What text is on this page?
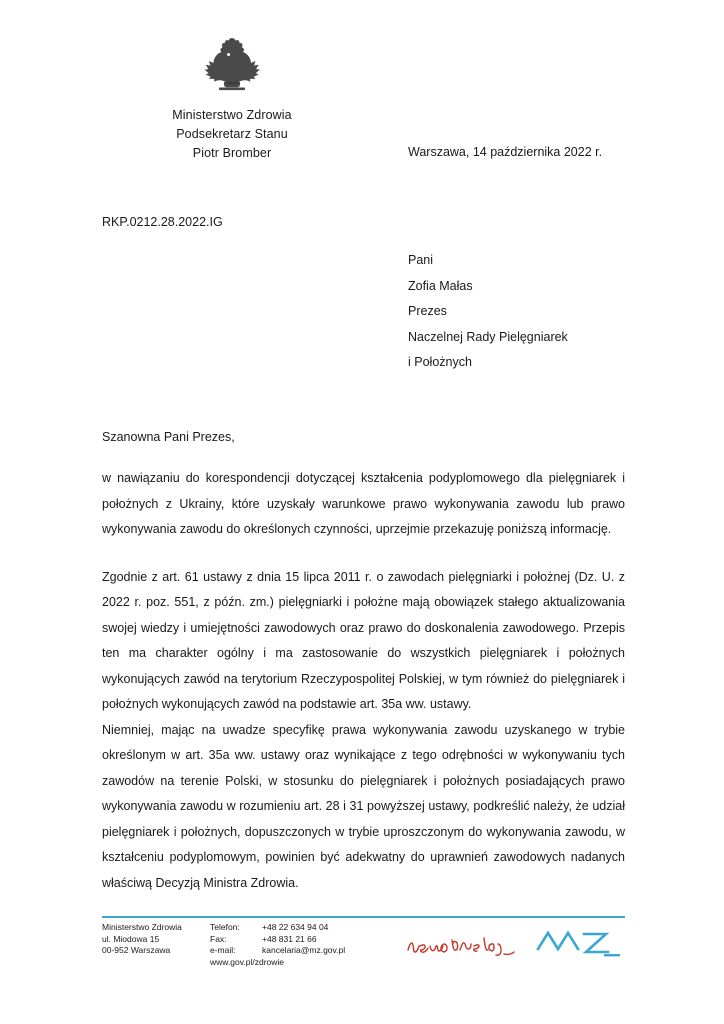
Ministerstwo Zdrowia
Podsekretarz Stanu
Piotr Bromber	Warszawa, 14 października 2022 r.
RKP.0212.28.2022.IG
Pani
Zofia Małas
Prezes
Naczelnej Rady Pielęgniarek
i Położnych
Szanowna Pani Prezes,

w nawiązaniu do korespondencji dotyczącej kształcenia podyplomowego dla pielęgniarek i położnych z Ukrainy, które uzyskały warunkowe prawo wykonywania zawodu lub prawo wykonywania zawodu do określonych czynności, uprzejmie przekazuję poniższą informację.

Zgodnie z art. 61 ustawy z dnia 15 lipca 2011 r. o zawodach pielęgniarki i położnej (Dz. U. z 2022 r. poz. 551, z późn. zm.) pielęgniarki i położne mają obowiązek stałego aktualizowania swojej wiedzy i umiejętności zawodowych oraz prawo do doskonalenia zawodowego. Przepis ten ma charakter ogólny i ma zastosowanie do wszystkich pielęgniarek i położnych wykonujących zawód na terytorium Rzeczypospolitej Polskiej, w tym również do pielęgniarek i położnych wykonujących zawód na podstawie art. 35a ww. ustawy.

Niemniej, mając na uwadze specyfikę prawa wykonywania zawodu uzyskanego w trybie określonym w art. 35a ww. ustawy oraz wynikające z tego odrębności w wykonywaniu tych zawodów na terenie Polski, w stosunku do pielęgniarek i położnych posiadających prawo wykonywania zawodu w rozumieniu art. 28 i 31 powyższej ustawy, podkreślić należy, że udział pielęgniarek i położnych, dopuszczonych w trybie uproszczonym do wykonywania zawodu, w kształceniu podyplomowym, powinien być adekwatny do uprawnień zawodowych nadanych właściwą Decyzją Ministra Zdrowia.

Ministerstwo Zdrowia
ul. Miodowa 15
00-952 Warszawa
Telefon:	+48 22 634 94 04
Fax:	+48 831 21 66
e-mail:	kancelaria@mz.gov.pl
www.gov.pl/zdrowie
